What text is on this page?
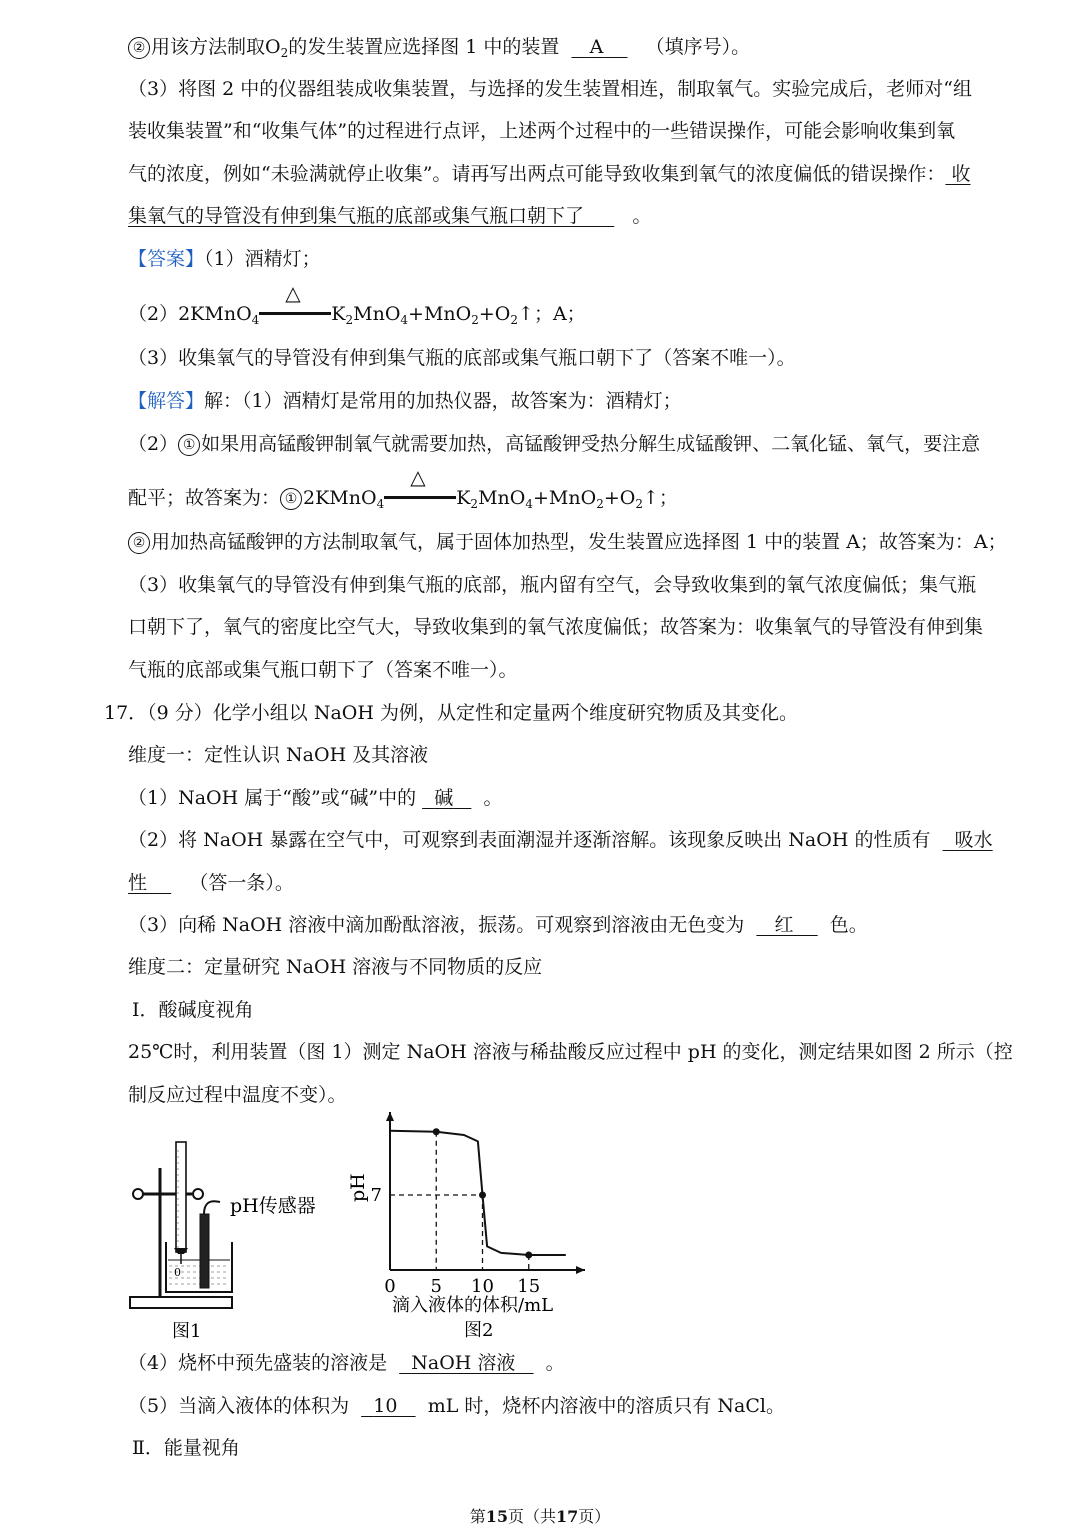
② 用该方法制取$O_2$的发生装置应选择图 1 中的装置 A （填序号）。
（3）将图 2 中的仪器组装成收集装置，与选择的发生装置相连，制取氧气。实验完成后，老师对“组
装收集装置”和“收集气体”的过程进行点评，上述两个过程中的一些错误操作，可能会影响收集到氧
气的浓度，例如“未验满就停止收集”。请再写出两点可能导致收集到氧气的浓度偏低的错误操作： 收
集氧气的导管没有伸到集气瓶的底部或集气瓶口朝下了	。
【答案】（1）酒精灯；
（2）2KMnO$_4$
△
$K_2MnO_4+MnO_2+O_2↑$；A；
（3）收集氧气的导管没有伸到集气瓶的底部或集气瓶口朝下了（答案不唯一）。
【解答】解：（1）酒精灯是常用的加热仪器，故答案为：酒精灯；
（2） ① 如果用高锰酸钾制氧气就需要加热，高锰酸钾受热分解生成锰酸钾、二氧化锰、氧气，要注意
配平；故答案为： ① 2KMnO$_4$
△
$K_2MnO_4+MnO_2+O_2↑$；
② 用加热高锰酸钾的方法制取氧气，属于固体加热型，发生装置应选择图 1 中的装置 A；故答案为：A；
（3）收集氧气的导管没有伸到集气瓶的底部，瓶内留有空气，会导致收集到的氧气浓度偏低；集气瓶
口朝下了，氧气的密度比空气大，导致收集到的氧气浓度偏低；故答案为：收集氧气的导管没有伸到集
气瓶的底部或集气瓶口朝下了（答案不唯一）。
17．（9 分）化学小组以 NaOH 为例，从定性和定量两个维度研究物质及其变化。
维度一：定性认识 NaOH 及其溶液
（1）NaOH 属于“酸”或“碱”中的 碱 。
（2）将 NaOH 暴露在空气中，可观察到表面潮湿并逐渐溶解。该现象反映出 NaOH 的性质有 吸水
性 （答一条）。
（3）向稀 NaOH 溶液中滴加酚酞溶液，振荡。可观察到溶液由无色变为 红 色。
维度二：定量研究 NaOH 溶液与不同物质的反应
Ⅰ．酸碱度视角
25℃时，利用装置（图 1）测定 NaOH 溶液与稀盐酸反应过程中 pH 的变化，测定结果如图 2 所示（控
制反应过程中温度不变）。
0
pH传感器
图1
pH
滴入液体的体积/mL
图2
0 5 10 15
7
（4）烧杯中预先盛装的溶液是 NaOH 溶液 。
（5）当滴入液体的体积为 10 mL 时，烧杯内溶液中的溶质只有 NaCl。
Ⅱ．能量视角
第15页（共17页）
